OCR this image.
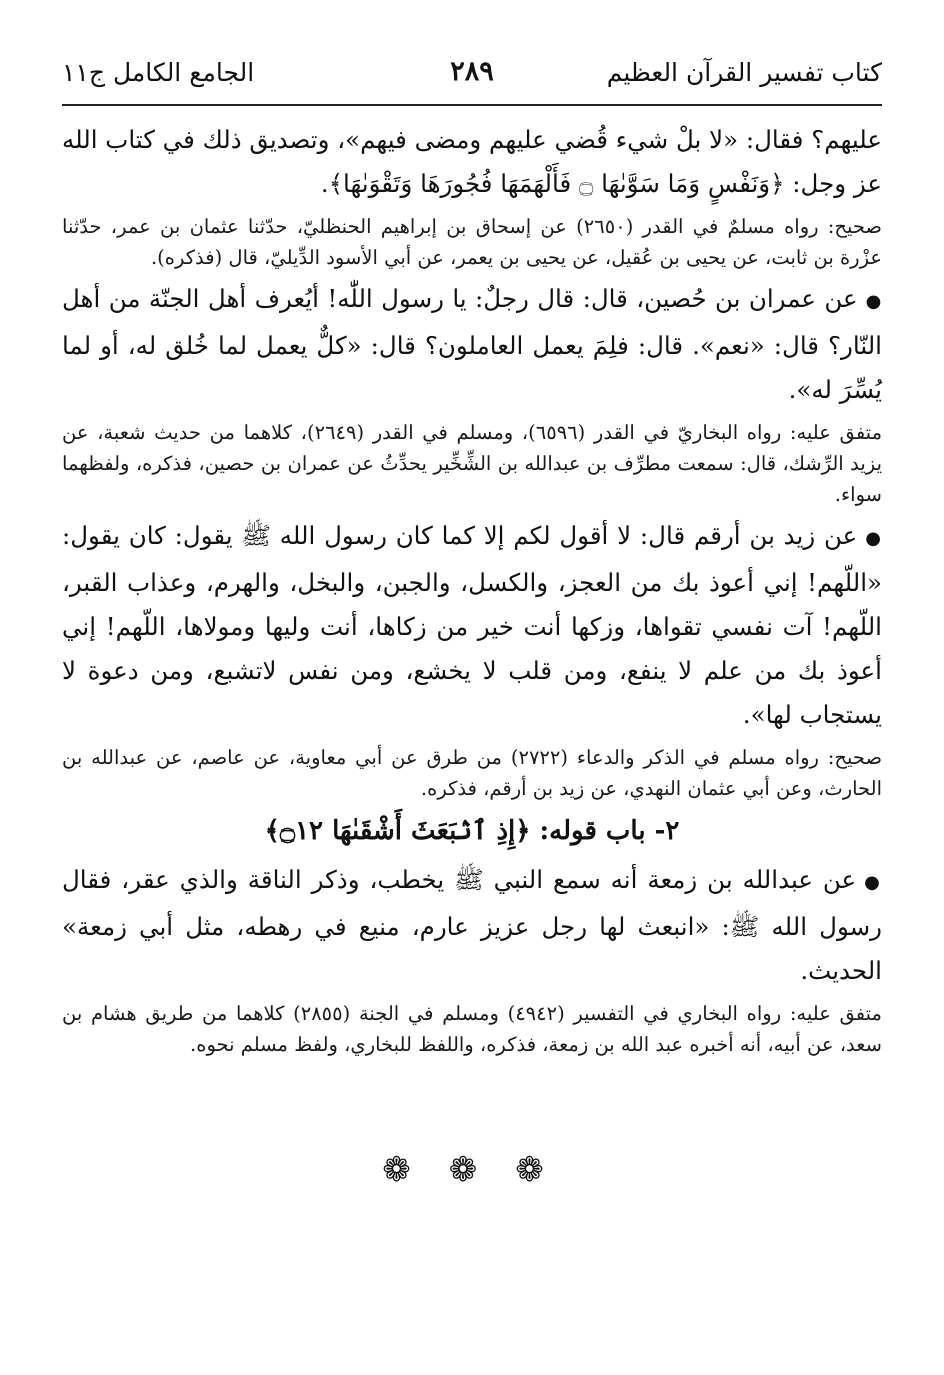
كتاب تفسير القرآن العظيم
٢٨٩
الجامع الكامل ج١١

عليهم؟ فقال: «لا بلْ شيء قُضي عليهم ومضى فيهم»، وتصديق ذلك في كتاب الله عز وجل: ﴿وَنَفْسٍ وَمَا سَوَّىٰهَا ۝ فَأَلْهَمَهَا فُجُورَهَا وَتَقْوَىٰهَا﴾.

صحيح: رواه مسلمٌ في القدر (٢٦٥٠) عن إسحاق بن إبراهيم الحنظليّ، حدّثنا عثمان بن عمر، حدّثنا عزْرة بن ثابت، عن يحيى بن عُقيل، عن يحيى بن يعمر، عن أبي الأسود الدِّيليّ، قال (فذكره).

●عن عمران بن حُصين، قال: قال رجلٌ: يا رسول اللّٰه! أيُعرف أهل الجنّة من أهل النّار؟ قال: «نعم». قال: فلِمَ يعمل العاملون؟ قال: «كلٌّ يعمل لما خُلق له، أو لما يُسِّرَ له».

متفق عليه: رواه البخاريّ في القدر (٦٥٩٦)، ومسلم في القدر (٢٦٤٩)، كلاهما من حديث شعبة، عن يزيد الرِّشك، قال: سمعت مطرِّف بن عبدالله بن الشِّخِّير يحدِّثُ عن عمران بن حصين، فذكره، ولفظهما سواء.

●عن زيد بن أرقم قال: لا أقول لكم إلا كما كان رسول الله ﷺ يقول: كان يقول: «اللّهم! إني أعوذ بك من العجز، والكسل، والجبن، والبخل، والهرم، وعذاب القبر، اللّهم! آت نفسي تقواها، وزكها أنت خير من زكاها، أنت وليها ومولاها، اللّهم! إني أعوذ بك من علم لا ينفع، ومن قلب لا يخشع، ومن نفس لاتشبع، ومن دعوة لا يستجاب لها».

صحيح: رواه مسلم في الذكر والدعاء (٢٧٢٢) من طرق عن أبي معاوية، عن عاصم، عن عبدالله بن الحارث، وعن أبي عثمان النهدي، عن زيد بن أرقم، فذكره.

٢- باب قوله: ﴿إِذِ ٱنۢبَعَثَ أَشْقَىٰهَا ۝١٢﴾

●عن عبدالله بن زمعة أنه سمع النبي ﷺ يخطب، وذكر الناقة والذي عقر، فقال رسول الله ﷺ: «انبعث لها رجل عزيز عارم، منيع في رهطه، مثل أبي زمعة» الحديث.

متفق عليه: رواه البخاري في التفسير (٤٩٤٢) ومسلم في الجنة (٢٨٥٥) كلاهما من طريق هشام بن سعد، عن أبيه، أنه أخبره عبد الله بن زمعة، فذكره، واللفظ للبخاري، ولفظ مسلم نحوه.

❁ ❁ ❁
